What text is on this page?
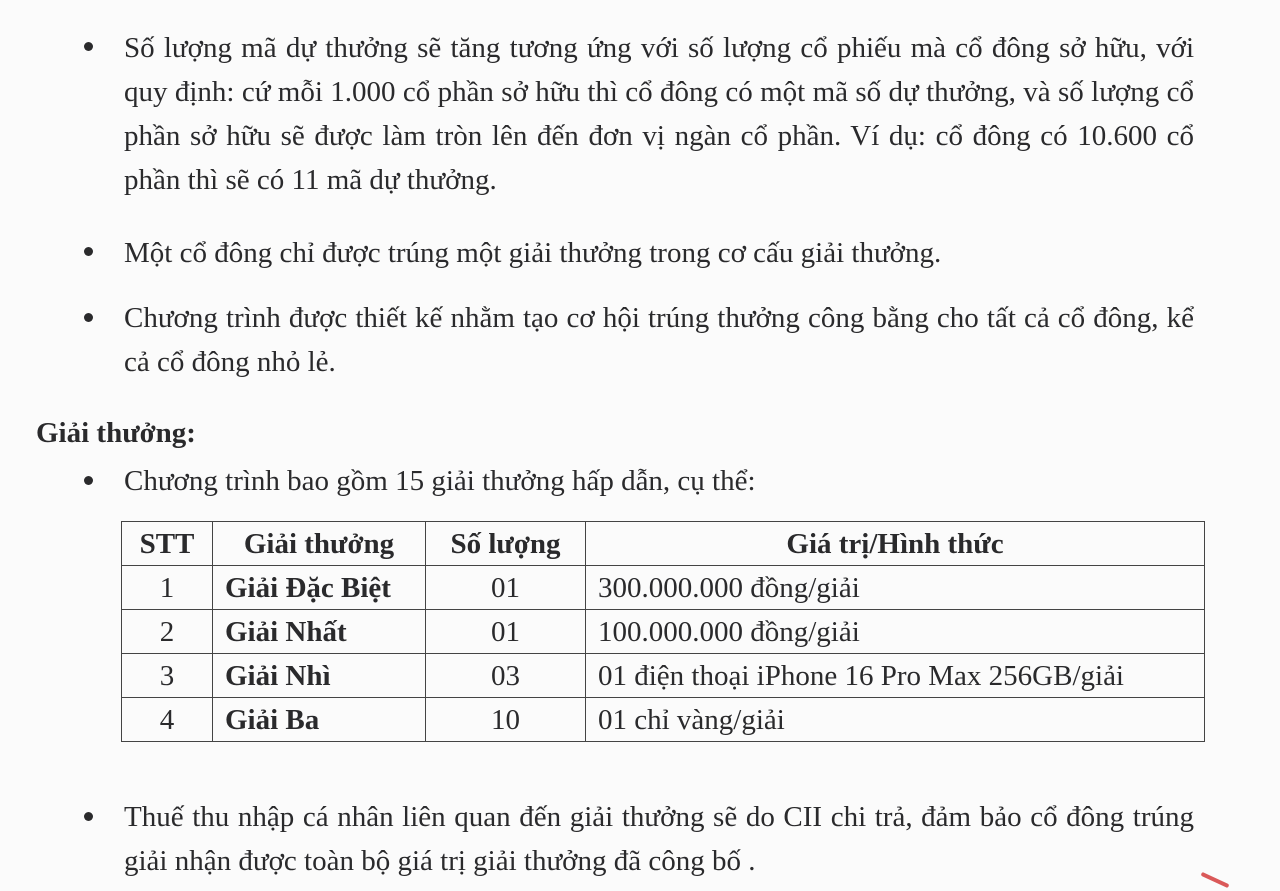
Số lượng mã dự thưởng sẽ tăng tương ứng với số lượng cổ phiếu mà cổ đông sở hữu, với quy định: cứ mỗi 1.000 cổ phần sở hữu thì cổ đông có một mã số dự thưởng, và số lượng cổ phần sở hữu sẽ được làm tròn lên đến đơn vị ngàn cổ phần. Ví dụ: cổ đông có 10.600 cổ phần thì sẽ có 11 mã dự thưởng.

Một cổ đông chỉ được trúng một giải thưởng trong cơ cấu giải thưởng.

Chương trình được thiết kế nhằm tạo cơ hội trúng thưởng công bằng cho tất cả cổ đông, kể cả cổ đông nhỏ lẻ.

Giải thưởng:

Chương trình bao gồm 15 giải thưởng hấp dẫn, cụ thể:

STT	Giải thưởng	Số lượng	Giá trị/Hình thức
1	Giải Đặc Biệt	01	300.000.000 đồng/giải
2	Giải Nhất	01	100.000.000 đồng/giải
3	Giải Nhì	03	01 điện thoại iPhone 16 Pro Max 256GB/giải
4	Giải Ba	10	01 chỉ vàng/giải

Thuế thu nhập cá nhân liên quan đến giải thưởng sẽ do CII chi trả, đảm bảo cổ đông trúng giải nhận được toàn bộ giá trị giải thưởng đã công bố .
